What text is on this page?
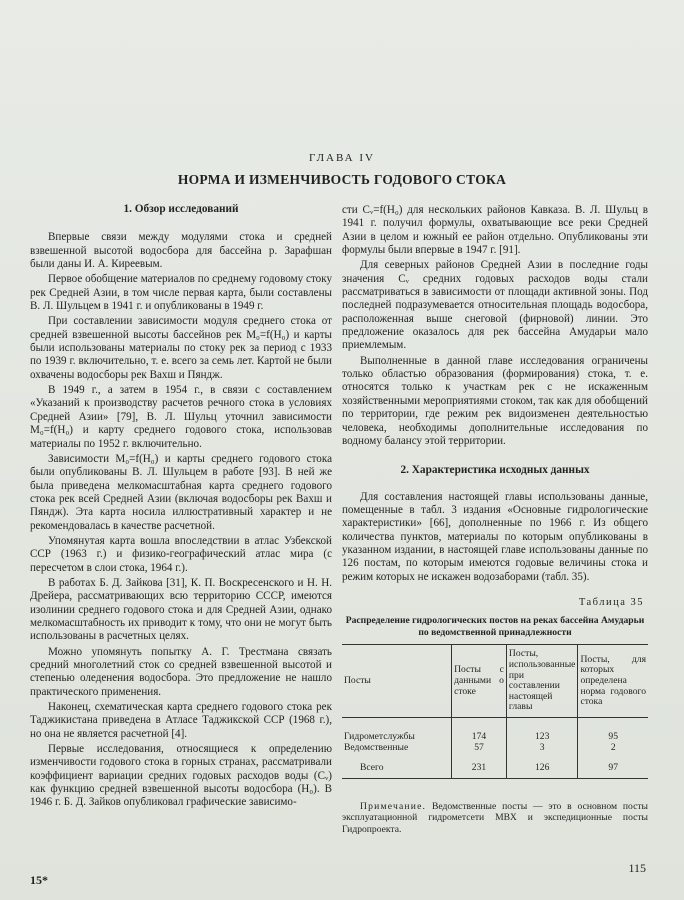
ГЛАВА IV
НОРМА И ИЗМЕНЧИВОСТЬ ГОДОВОГО СТОКА
1. Обзор исследований

Впервые связи между модулями стока и средней взвешенной высотой водосбора для бассейна р. Зарафшан были даны И. А. Киреевым.

Первое обобщение материалов по среднему годовому стоку рек Средней Азии, в том числе первая карта, были составлены В. Л. Шульцем в 1941 г. и опубликованы в 1949 г.

При составлении зависимости модуля среднего стока от средней взвешенной высоты бассейнов рек M₀=f(H₀) и карты были использованы материалы по стоку рек за период с 1933 по 1939 г. включительно, т. е. всего за семь лет. Картой не были охвачены водосборы рек Вахш и Пяндж.

В 1949 г., а затем в 1954 г., в связи с составлением «Указаний к производству расчетов речного стока в условиях Средней Азии» [79], В. Л. Шульц уточнил зависимости M₀=f(H₀) и карту среднего годового стока, использовав материалы по 1952 г. включительно.

Зависимости M₀=f(H₀) и карты среднего годового стока были опубликованы В. Л. Шульцем в работе [93]. В ней же была приведена мелкомасштабная карта среднего годового стока рек всей Средней Азии (включая водосборы рек Вахш и Пяндж). Эта карта носила иллюстративный характер и не рекомендовалась в качестве расчетной.

Упомянутая карта вошла впоследствии в атлас Узбекской ССР (1963 г.) и физико-географический атлас мира (с пересчетом в слои стока, 1964 г.).

В работах Б. Д. Зайкова [31], К. П. Воскресенского и Н. Н. Дрейера, рассматривающих всю территорию СССР, имеются изолинии среднего годового стока и для Средней Азии, однако мелкомасштабность их приводит к тому, что они не могут быть использованы в расчетных целях.

Можно упомянуть попытку А. Г. Трестмана связать средний многолетний сток со средней взвешенной высотой и степенью оледенения водосбора. Это предложение не нашло практического применения.

Наконец, схематическая карта среднего годового стока рек Таджикистана приведена в Атласе Таджикской ССР (1968 г.), но она не является расчетной [4].

Первые исследования, относящиеся к определению изменчивости годового стока в горных странах, рассматривали коэффициент вариации средних годовых расходов воды (Cᵥ) как функцию средней взвешенной высоты водосбора (H₀). В 1946 г. Б. Д. Зайков опубликовал графические зависимо-

сти Cᵥ=f(H₀) для нескольких районов Кавказа. В. Л. Шульц в 1941 г. получил формулы, охватывающие все реки Средней Азии в целом и южный ее район отдельно. Опубликованы эти формулы были впервые в 1947 г. [91].

Для северных районов Средней Азии в последние годы значения Cᵥ средних годовых расходов воды стали рассматриваться в зависимости от площади активной зоны. Под последней подразумевается относительная площадь водосбора, расположенная выше снеговой (фирновой) линии. Это предложение оказалось для рек бассейна Амударьи мало приемлемым.

Выполненные в данной главе исследования ограничены только областью образования (формирования) стока, т. е. относятся только к участкам рек с не искаженным хозяйственными мероприятиями стоком, так как для обобщений по территории, где режим рек видоизменен деятельностью человека, необходимы дополнительные исследования по водному балансу этой территории.

2. Характеристика исходных данных

Для составления настоящей главы использованы данные, помещенные в табл. 3 издания «Основные гидрологические характеристики» [66], дополненные по 1966 г. Из общего количества пунктов, материалы по которым опубликованы в указанном издании, в настоящей главе использованы данные по 126 постам, по которым имеются годовые величины стока и режим которых не искажен водозаборами (табл. 35).

Таблица 35
Распределение гидрологических постов на реках бассейна Амударьи по ведомственной принадлежности
Посты	Посты с данными о стоке	Посты, использованные при составлении настоящей главы	Посты, для которых определена норма годового стока
Гидрометслужбы	174	123	95
Ведомственные	57	3	2
Всего	231	126	97
Примечание. Ведомственные посты — это в основном посты эксплуатационной гидрометсети МВХ и экспедиционные посты Гидропроекта.
15*
115
